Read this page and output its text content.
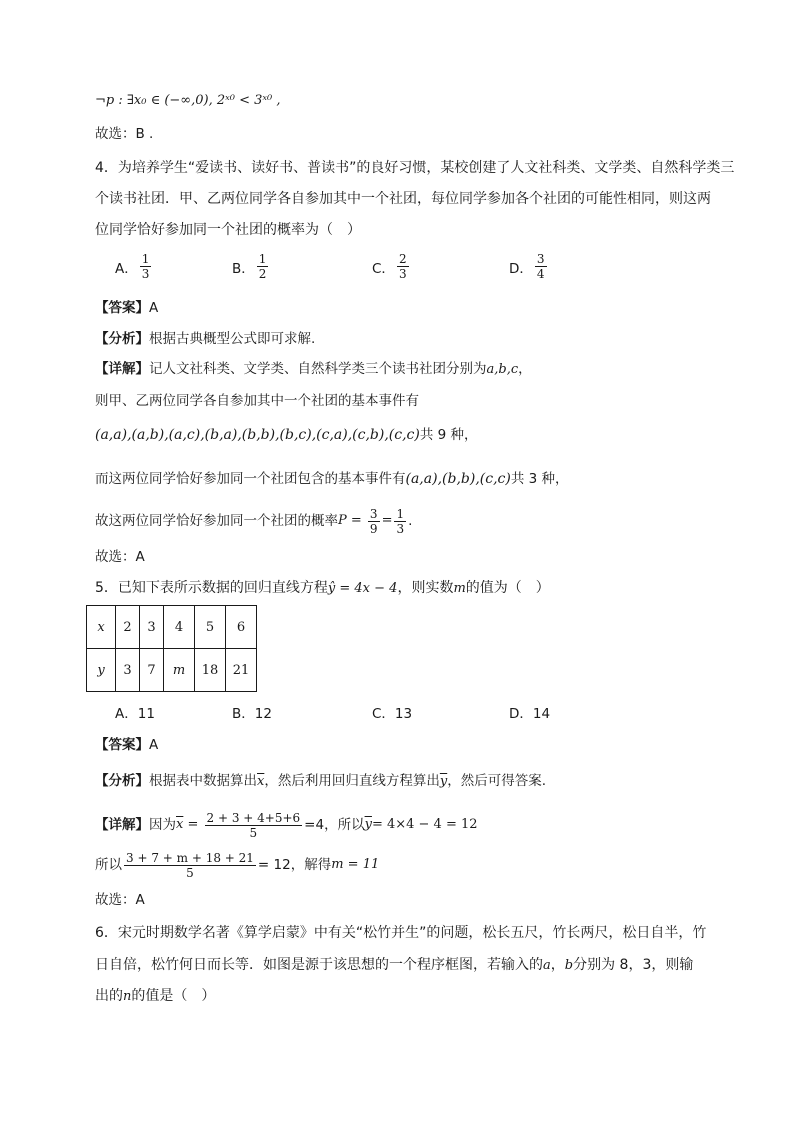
¬p : ∃x₀ ∈ (−∞,0), 2ˣ⁰ < 3ˣ⁰ ,
故选：B .
4．为培养学生“爱读书、读好书、普读书”的良好习惯，某校创建了人文社科类、文学类、自然科学类三
个读书社团．甲、乙两位同学各自参加其中一个社团，每位同学参加各个社团的可能性相同，则这两
位同学恰好参加同一个社团的概率为（　）
A． $\frac{1}{3}$	B． $\frac{1}{2}$	C． $\frac{2}{3}$	D． $\frac{3}{4}$
【答案】A
【分析】根据古典概型公式即可求解.
【详解】记人文社科类、文学类、自然科学类三个读书社团分别为a,b,c，
则甲、乙两位同学各自参加其中一个社团的基本事件有
(a,a),(a,b),(a,c),(b,a),(b,b),(b,c),(c,a),(c,b),(c,c)共 9 种，
而这两位同学恰好参加同一个社团包含的基本事件有(a,a),(b,b),(c,c)共 3 种，
故这两位同学恰好参加同一个社团的概率 $P = \frac{3}{9} = \frac{1}{3}$ .
故选：A
5．已知下表所示数据的回归直线方程ŷ = 4x − 4，则实数m的值为（　）
x	2	3	4	5	6
y	3	7	m	18	21
A．11	B．12	C．13	D．14
【答案】A
【分析】根据表中数据算出$\overline{x}$，然后利用回归直线方程算出$\overline{y}$，然后可得答案.
【详解】 因为 $\overline{x} = \frac{2 + 3 + 4+5+6}{5} =4$，所以 $\overline{y} = 4\times 4 - 4 = 12$
所以 $\frac{3 + 7 + m + 18 + 21}{5} = 12$，解得 m = 11
故选：A
6．宋元时期数学名著《算学启蒙》中有关“松竹并生”的问题，松长五尺，竹长两尺，松日自半，竹
日自倍，松竹何日而长等．如图是源于该思想的一个程序框图，若输入的a，b分别为 8，3，则输
出的n的值是（　）
